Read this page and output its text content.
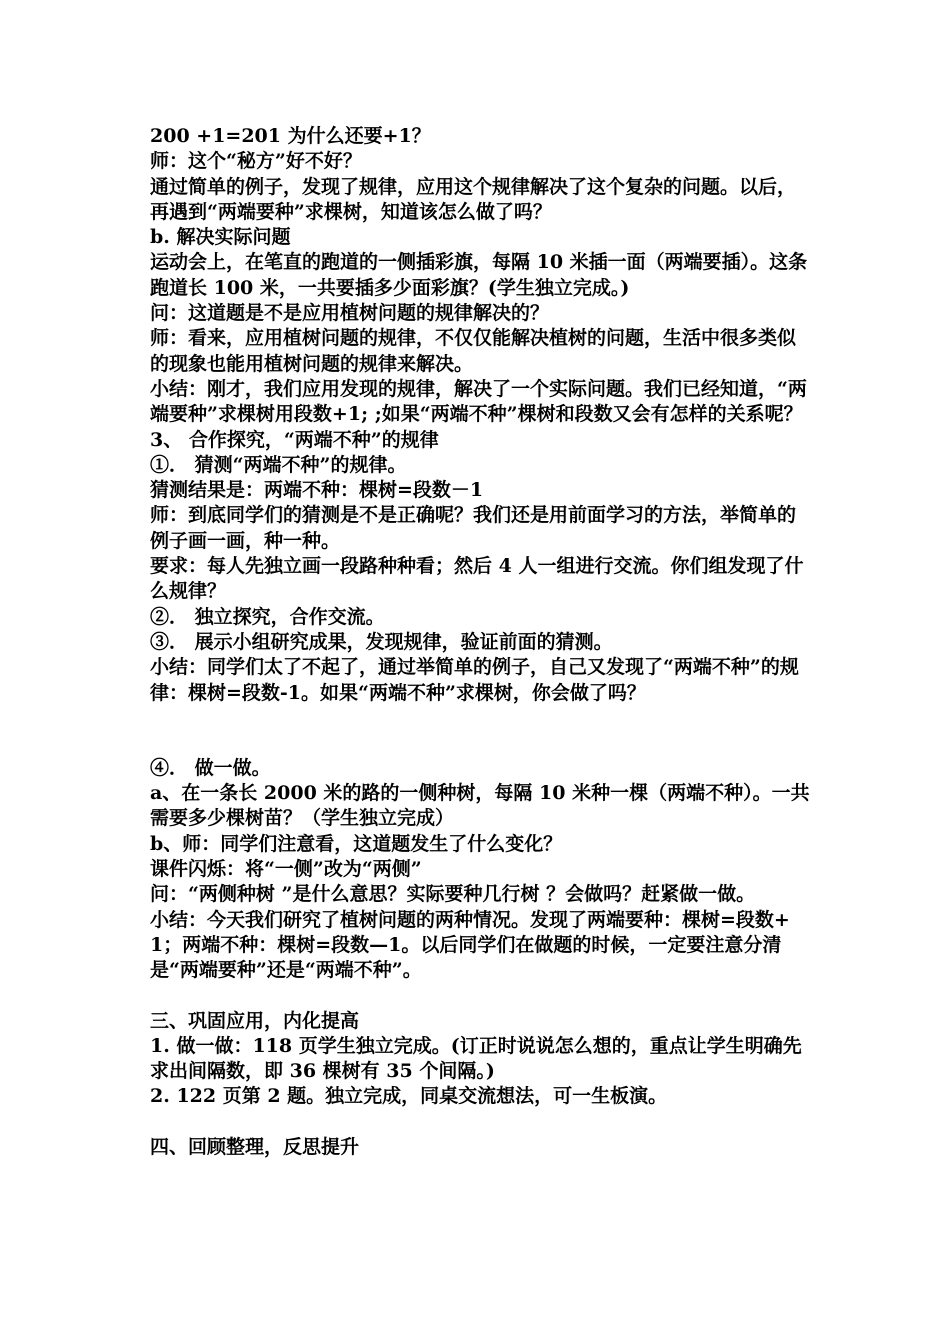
200 +1=201 为什么还要+1？

师：这个“秘方”好不好？

通过简单的例子，发现了规律，应用这个规律解决了这个复杂的问题。以后，再遇到“两端要种”求棵树，知道该怎么做了吗？

b. 解决实际问题

运动会上，在笔直的跑道的一侧插彩旗，每隔 10 米插一面（两端要插）。这条跑道长 100 米，一共要插多少面彩旗？(学生独立完成。)

问：这道题是不是应用植树问题的规律解决的？

师：看来，应用植树问题的规律，不仅仅能解决植树的问题，生活中很多类似的现象也能用植树问题的规律来解决。

小结：刚才，我们应用发现的规律，解决了一个实际问题。我们已经知道，“两端要种”求棵树用段数+1; ;如果“两端不种”棵树和段数又会有怎样的关系呢？

3、 合作探究，“两端不种”的规律

①． 猜测“两端不种”的规律。

猜测结果是：两端不种：棵树=段数－1

师：到底同学们的猜测是不是正确呢？我们还是用前面学习的方法，举简单的例子画一画，种一种。

要求：每人先独立画一段路种种看；然后 4 人一组进行交流。你们组发现了什么规律？

②． 独立探究，合作交流。

③． 展示小组研究成果，发现规律，验证前面的猜测。

小结：同学们太了不起了，通过举简单的例子，自己又发现了“两端不种”的规律：棵树=段数-1。如果“两端不种”求棵树，你会做了吗？

④． 做一做。

a、在一条长 2000 米的路的一侧种树，每隔 10 米种一棵（两端不种）。一共需要多少棵树苗？（学生独立完成）

b、师：同学们注意看，这道题发生了什么变化？

课件闪烁：将“一侧”改为“两侧”

问：“两侧种树 ”是什么意思？实际要种几行树 ？会做吗？赶紧做一做。

小结：今天我们研究了植树问题的两种情况。发现了两端要种：棵树=段数+1；两端不种：棵树=段数—1。以后同学们在做题的时候，一定要注意分清是“两端要种”还是“两端不种”。

三、巩固应用，内化提高

1. 做一做：118 页学生独立完成。(订正时说说怎么想的，重点让学生明确先求出间隔数，即 36 棵树有 35 个间隔。)

2. 122 页第 2 题。独立完成，同桌交流想法，可一生板演。

四、回顾整理，反思提升
